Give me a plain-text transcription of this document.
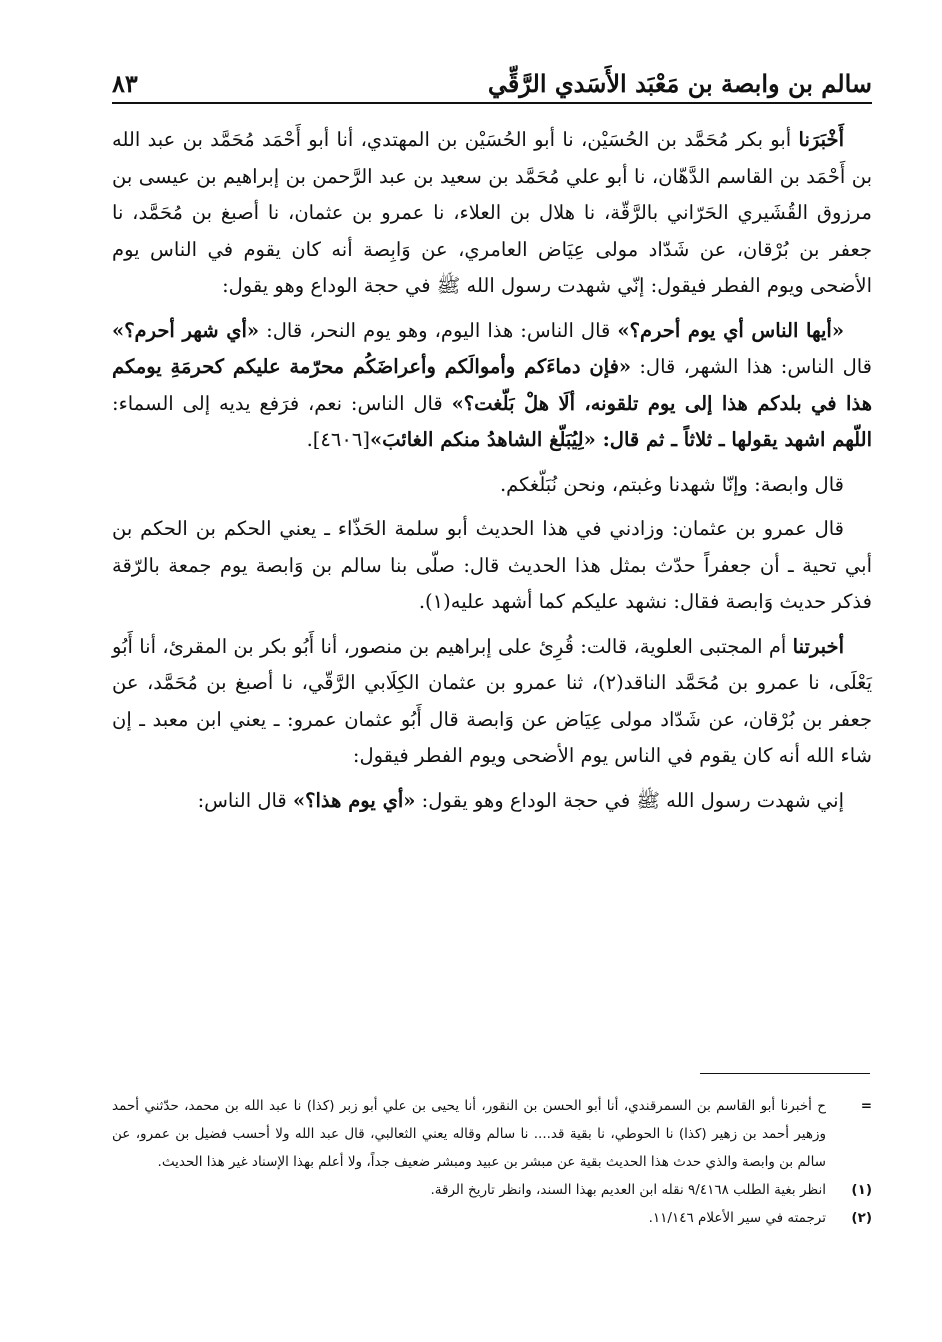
سالم بن وابصة بن مَعْبَد الأَسَدي الرَّقِّي
٨٣

أَخْبَرَنا أبو بكر مُحَمَّد بن الحُسَيْن، نا أبو الحُسَيْن بن المهتدي، أنا أبو أَحْمَد مُحَمَّد بن عبد الله بن أَحْمَد بن القاسم الدَّهّان، نا أبو علي مُحَمَّد بن سعيد بن عبد الرَّحمن بن إبراهيم بن عيسى بن مرزوق القُشَيري الحَرّاني بالرَّقّة، نا هلال بن العلاء، نا عمرو بن عثمان، نا أصبغ بن مُحَمَّد، نا جعفر بن بُرْقان، عن شَدّاد مولى عِيَاض العامري، عن وَابِصة أنه كان يقوم في الناس يوم الأضحى ويوم الفطر فيقول: إنّي شهدت رسول الله ﷺ في حجة الوداع وهو يقول:

«أيها الناس أي يوم أحرم؟» قال الناس: هذا اليوم، وهو يوم النحر، قال: «أي شهر أحرم؟» قال الناس: هذا الشهر، قال: «فإن دماءَكم وأموالَكم وأعراضَكُم محرّمة عليكم كحرمَةِ يومكم هذا في بلدكم هذا إلى يوم تلقونه، ألَا هلْ بَلّغت؟» قال الناس: نعم، فرَفع يديه إلى السماء: اللّهم اشهد يقولها ـ ثلاثاً ـ ثم قال: «لِيُبَلّغ الشاهدُ منكم الغائبَ»[٤٦٠٦].

قال وابصة: وإنّا شهدنا وغبتم، ونحن نُبَلّغكم.

قال عمرو بن عثمان: وزادني في هذا الحديث أبو سلمة الحَذّاء ـ يعني الحكم بن الحكم بن أبي تحية ـ أن جعفراً حدّث بمثل هذا الحديث قال: صلّى بنا سالم بن وَابصة يوم جمعة بالرّقة فذكر حديث وَابصة فقال: نشهد عليكم كما أشهد عليه(١).

أخبرتنا أم المجتبى العلوية، قالت: قُرِئ على إبراهيم بن منصور، أنا أَبُو بكر بن المقرئ، أنا أَبُو يَعْلَى، نا عمرو بن مُحَمَّد الناقد(٢)، ثنا عمرو بن عثمان الكِلَابي الرَّقّي، نا أصبغ بن مُحَمَّد، عن جعفر بن بُرْقان، عن شَدّاد مولى عِيَاض عن وَابصة قال أَبُو عثمان عمرو: ـ يعني ابن معبد ـ إن شاء الله أنه كان يقوم في الناس يوم الأضحى ويوم الفطر فيقول:

إني شهدت رسول الله ﷺ في حجة الوداع وهو يقول: «أي يوم هذا؟» قال الناس:

=
ح أخبرنا أبو القاسم بن السمرقندي، أنا أبو الحسن بن النقور، أنا يحيى بن علي أبو زبر (كذا) نا عبد الله بن محمد، حدّثني أحمد وزهير أحمد بن زهير (كذا) نا الحوطي، نا بقية قد.... نا سالم وقاله يعني الثعالبي، قال عبد الله ولا أحسب فضيل بن عمرو، عن سالم بن وابصة والذي حدث هذا الحديث بقية عن مبشر بن عبيد ومبشر ضعيف جداً، ولا أعلم بهذا الإسناد غير هذا الحديث.
(١)
انظر بغية الطلب ٩/٤١٦٨ نقله ابن العديم بهذا السند، وانظر تاريخ الرقة.
(٢)
ترجمته في سير الأعلام ١١/١٤٦.
